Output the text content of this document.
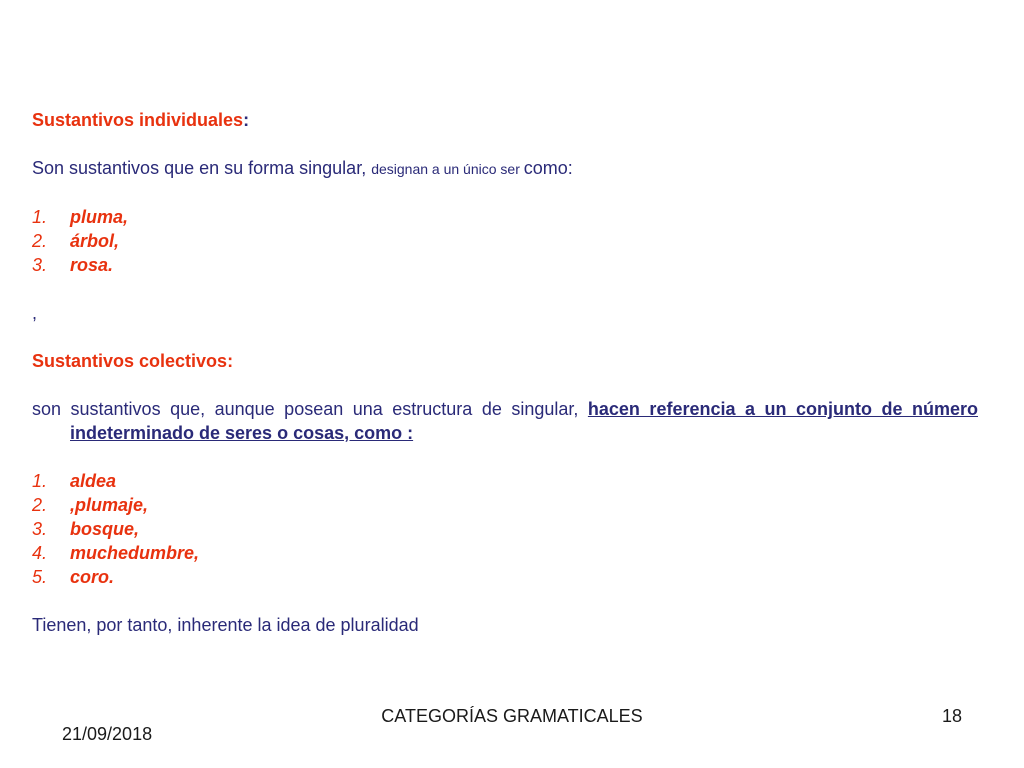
Sustantivos individuales:

Son sustantivos que en su forma singular, designan a un único ser como:

1. pluma,
2. árbol,
3. rosa.

,

Sustantivos colectivos:

son sustantivos que, aunque posean una estructura de singular, hacen referencia a un conjunto de número indeterminado de seres o cosas, como :

1. aldea
2. ,plumaje,
3. bosque,
4. muchedumbre,
5. coro.

Tienen, por tanto, inherente la idea de pluralidad

CATEGORÍAS GRAMATICALES	18
21/09/2018
